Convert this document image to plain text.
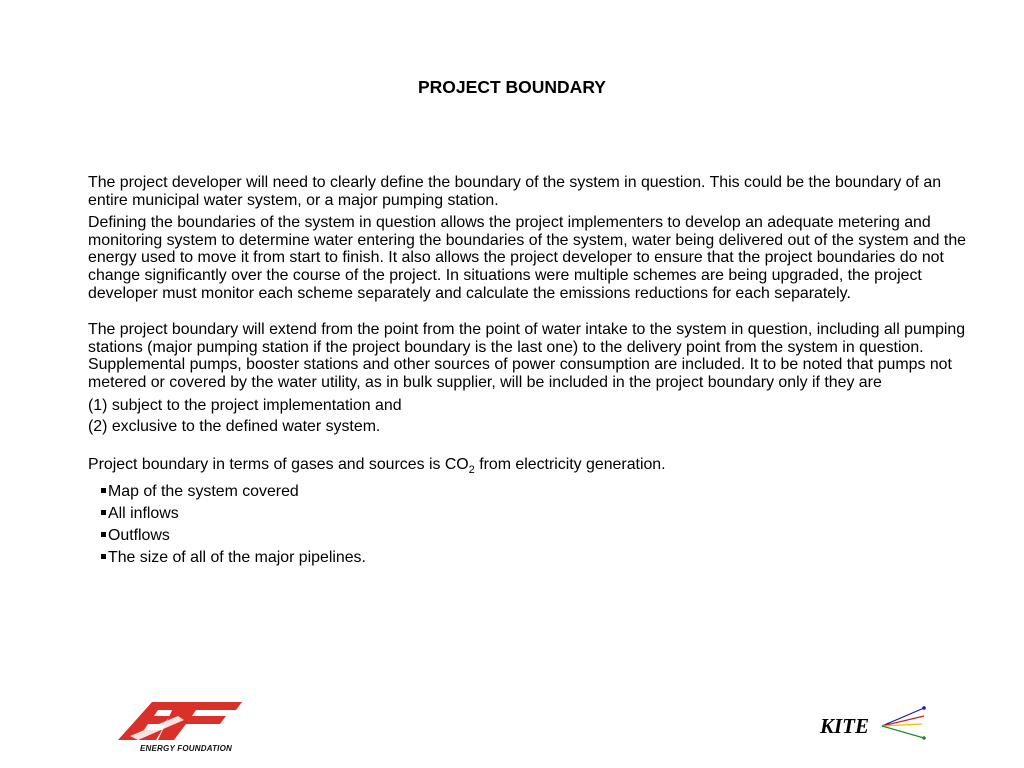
PROJECT BOUNDARY

The project developer will need to clearly define the boundary of the system in question. This could be the boundary of an entire municipal water system, or a major pumping station.

Defining the boundaries of the system in question allows the project implementers to develop an adequate metering and monitoring system to determine water entering the boundaries of the system, water being delivered out of the system and the energy used to move it from start to finish. It also allows the project developer to ensure that the project boundaries do not change significantly over the course of the project. In situations were multiple schemes are being upgraded, the project developer must monitor each scheme separately and calculate the emissions reductions for each separately.

The project boundary will extend from the point from the point of water intake to the system in question, including all pumping stations (major pumping station if the project boundary is the last one) to the delivery point from the system in question. Supplemental pumps, booster stations and other sources of power consumption are included. It to be noted that pumps not metered or covered by the water utility, as in bulk supplier, will be included in the project boundary only if they are

(1) subject to the project implementation and

(2) exclusive to the defined water system.

Project boundary in terms of gases and sources is $CO_2$ from electricity generation.

Map of the system covered
All inflows
Outflows
The size of all of the major pipelines.
ENERGY FOUNDATION
KITE
